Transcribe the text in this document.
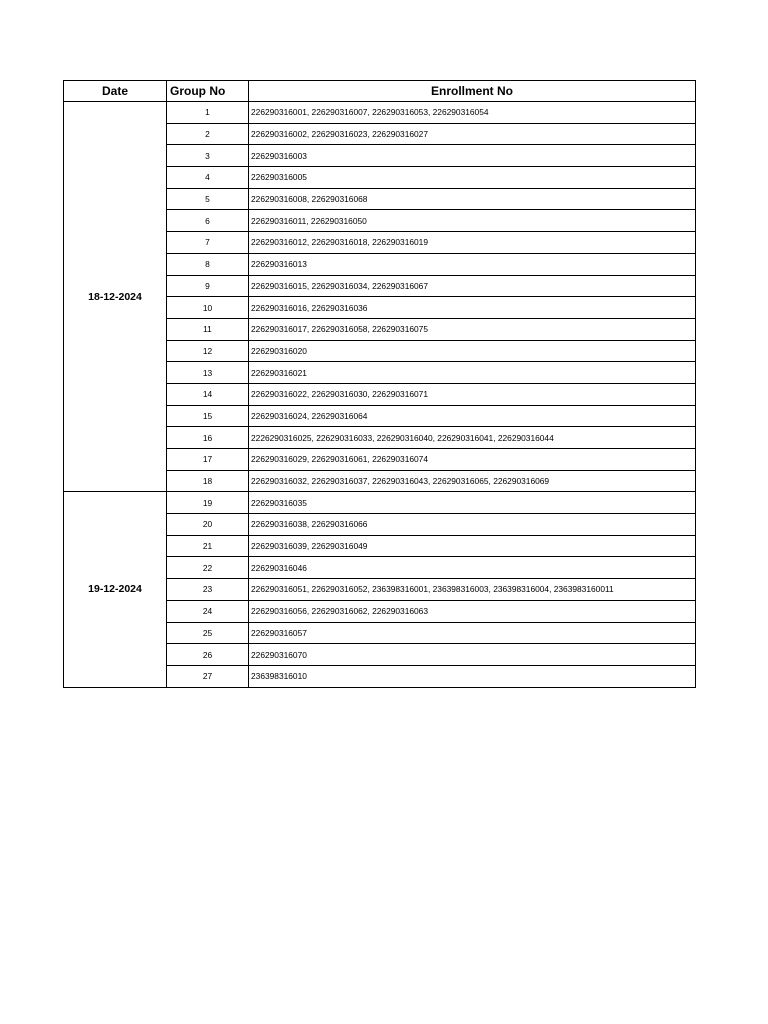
Date	Group No	Enrollment No
18-12-2024	1	226290316001, 226290316007, 226290316053, 226290316054
	2	226290316002, 226290316023, 226290316027
	3	226290316003
	4	226290316005
	5	226290316008, 226290316068
	6	226290316011, 226290316050
	7	226290316012, 226290316018, 226290316019
	8	226290316013
	9	226290316015, 226290316034, 226290316067
	10	226290316016, 226290316036
	11	226290316017, 226290316058, 226290316075
	12	226290316020
	13	226290316021
	14	226290316022, 226290316030, 226290316071
	15	226290316024, 226290316064
	16	2226290316025, 226290316033, 226290316040, 226290316041, 226290316044
	17	226290316029, 226290316061, 226290316074
	18	226290316032, 226290316037, 226290316043, 226290316065, 226290316069
19-12-2024	19	226290316035
	20	226290316038, 226290316066
	21	226290316039, 226290316049
	22	226290316046
	23	226290316051, 226290316052, 236398316001, 236398316003, 236398316004, 2363983160011
	24	226290316056, 226290316062, 226290316063
	25	226290316057
	26	226290316070
	27	236398316010
